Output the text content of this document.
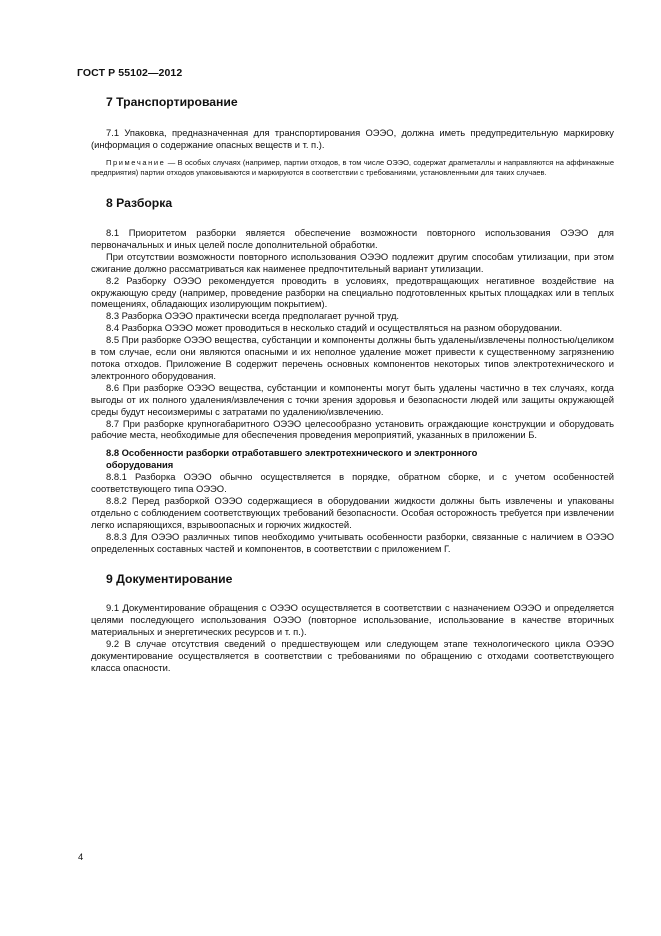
ГОСТ Р 55102—2012
7 Транспортирование

7.1 Упаковка, предназначенная для транспортирования ОЭЭО, должна иметь предупредительную маркировку (информация о содержание опасных веществ и т. п.).

Примечание — В особых случаях (например, партии отходов, в том числе ОЭЭО, содержат драгметаллы и направляются на аффинажные предприятия) партии отходов упаковываются и маркируются в соответствии с требованиями, установленными для таких случаев.

8 Разборка

8.1 Приоритетом разборки является обеспечение возможности повторного использования ОЭЭО для первоначальных и иных целей после дополнительной обработки.

При отсутствии возможности повторного использования ОЭЭО подлежит другим способам утилизации, при этом сжигание должно рассматриваться как наименее предпочтительный вариант утилизации.

8.2 Разборку ОЭЭО рекомендуется проводить в условиях, предотвращающих негативное воздействие на окружающую среду (например, проведение разборки на специально подготовленных крытых площадках или в теплых помещениях, обладающих изолирующим покрытием).

8.3 Разборка ОЭЭО практически всегда предполагает ручной труд.

8.4 Разборка ОЭЭО может проводиться в несколько стадий и осуществляться на разном оборудовании.

8.5 При разборке ОЭЭО вещества, субстанции и компоненты должны быть удалены/извлечены полностью/целиком в том случае, если они являются опасными и их неполное удаление может привести к существенному загрязнению потока отходов. Приложение В содержит перечень основных компонентов некоторых типов электротехнического и электронного оборудования.

8.6 При разборке ОЭЭО вещества, субстанции и компоненты могут быть удалены частично в тех случаях, когда выгоды от их полного удаления/извлечения с точки зрения здоровья и безопасности людей или защиты окружающей среды будут несоизмеримы с затратами по удалению/извлечению.

8.7 При разборке крупногабаритного ОЭЭО целесообразно установить ограждающие конструкции и оборудовать рабочие места, необходимые для обеспечения проведения мероприятий, указанных в приложении Б.

8.8 Особенности разборки отработавшего электротехнического и электронного

оборудования

8.8.1 Разборка ОЭЭО обычно осуществляется в порядке, обратном сборке, и с учетом особенностей соответствующего типа ОЭЭО.

8.8.2 Перед разборкой ОЭЭО содержащиеся в оборудовании жидкости должны быть извлечены и упакованы отдельно с соблюдением соответствующих требований безопасности. Особая осторожность требуется при извлечении легко испаряющихся, взрывоопасных и горючих жидкостей.

8.8.3 Для ОЭЭО различных типов необходимо учитывать особенности разборки, связанные с наличием в ОЭЭО определенных составных частей и компонентов, в соответствии с приложением Г.

9 Документирование

9.1 Документирование обращения с ОЭЭО осуществляется в соответствии с назначением ОЭЭО и определяется целями последующего использования ОЭЭО (повторное использование, использование в качестве вторичных материальных и энергетических ресурсов и т. п.).

9.2 В случае отсутствия сведений о предшествующем или следующем этапе технологического цикла ОЭЭО документирование осуществляется в соответствии с требованиями по обращению с отходами соответствующего класса опасности.

4
